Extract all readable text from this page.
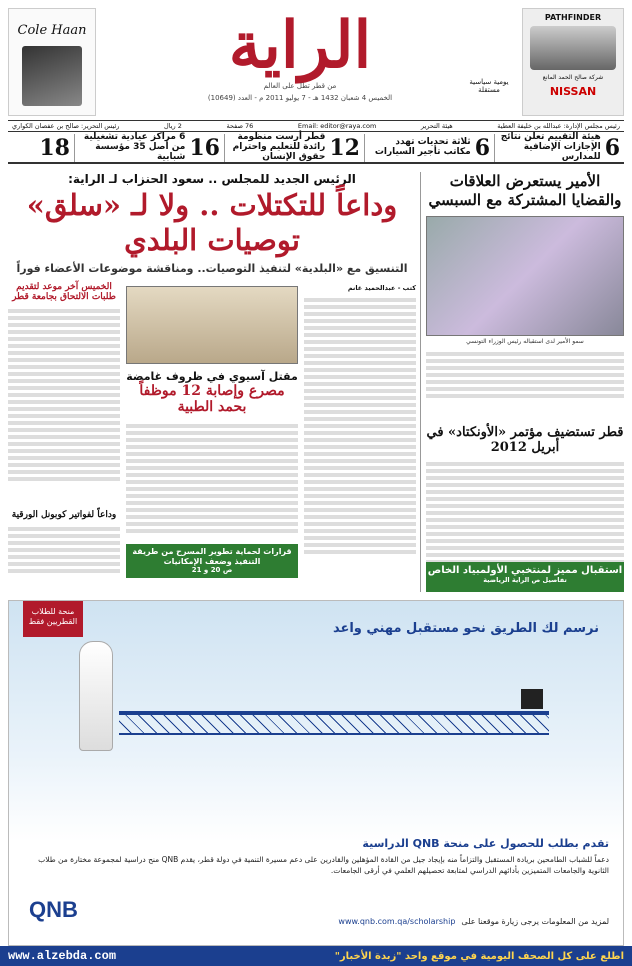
Cole Haan	الراية
من قطر تطل على العالم
الخميس 4 شعبان 1432 هـ - 7 يوليو 2011 م - العدد (10649)
يومية سياسية مستقلة
PATHFINDER
شركة صالح الحمد المانع
NISSAN
رئيس مجلس الإدارة: عبدالله بن خليفة العطية
هيئة التحرير
Email: editor@raya.com
76 صفحة
2 ريال
رئيس التحرير: صالح بن عفصان الكواري
6
هيئة التقييم تعلن نتائج الإجازات الإضافية للمدارس
6
ثلاثة تحديات تهدد مكاتب تأجير السيارات
12
قطر أرست منظومة رائدة للتعليم واحترام حقوق الإنسان
16
6 مراكز عيادية تشغيلية من أصل 35 مؤسسة شبابية
18
الأمير يستعرض العلاقات والقضايا المشتركة مع السبسي
سمو الأمير لدى استقباله رئيس الوزراء التونسي
قطر تستضيف مؤتمر «الأونكتاد» في أبريل 2012
استقبال مميز لمنتخبي الأولمبياد الخاص
تفاصيل ص الراية الرياضية
الرئيس الجديد للمجلس .. سعود الحنزاب لـ الراية:
وداعاً للتكتلات .. ولا لـ «سلق» توصيات البلدي
التنسيق مع «البلدية» لتنفيذ التوصيات.. ومناقشة موضوعات الأعضاء فوراً
كتب - عبدالحميد غانم
مقتل آسيوي في ظروف غامضة
مصرع وإصابة 12 موظفاً بحمد الطبية
الخميس آخر موعد لتقديم طلبات الالتحاق بجامعة قطر
وداعاً لفواتير كوبونل الورقية
قرارات لحماية تطوير المسرح من طريقة التنفيذ وضعف الإمكانيات
ص 20 و 21
نرسم لك الطريق نحو مستقبل مهني واعد
منحة للطلاب القطريين فقط
تقدم بطلب للحصول على منحة QNB الدراسية
دعماً للشباب الطامحين بريادة المستقبل والتزاماً منه بإيجاد جيل من القادة المؤهلين والقادرين على دعم مسيرة التنمية في دولة قطر، يقدم QNB منح دراسية لمجموعة مختارة من طلاب الثانوية والجامعات المتميزين بأدائهم الدراسي لمتابعة تحصيلهم العلمي في أرقى الجامعات.
لمزيد من المعلومات يرجى زيارة موقعنا على
www.qnb.com.qa/scholarship
QNB
اطلع على كل الصحف اليومية في موقع واحد "زبدة الأخبار"
www.alzebda.com
